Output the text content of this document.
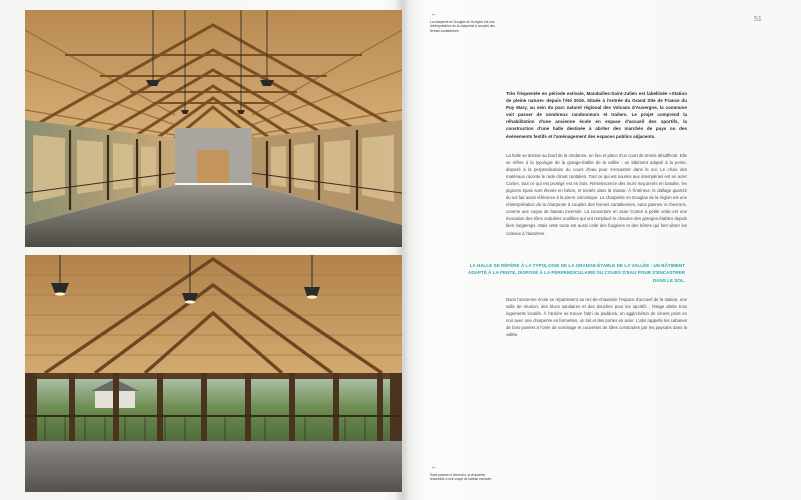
←
La charpente en Douglas de la région est une réinterprétation de la charpente à couples des fermes cantaliennes.
←
Sans pannes ni chevrons, la charpente ressemble à une coque de bateau inversée.
51

Très fréquentée en période estivale, Mandailles-Saint-Julien est labellisée «Station de pleine nature» depuis l'été 2019. Située à l'entrée du Grand Site de France du Puy Mary, au sein du parc naturel régional des Volcans d'Auvergne, la commune voit passer de nombreux randonneurs et trailers. Le projet comprend la réhabilitation d'une ancienne école en espace d'accueil des sportifs, la construction d'une halle destinée à abriter des marchés de pays ou des événements festifs et l'aménagement des espaces publics adjacents.

La halle se dresse au bord de la Jordanne, en lieu et place d'un court de tennis désaffecté. Elle se réfère à la typologie de la grange-étable de la vallée : un bâtiment adapté à la pente, disposé à la perpendiculaire du cours d'eau pour s'encastrer dans le sol. Le choix des matériaux raconte le rude climat cantalien. Tout ce qui est soumis aux intempéries est en acier Corten, tout ce qui est protégé est en bois. Réminiscence des murs maçonnés en basalte, les pignons épais sont élevés en béton, et teintés dans la masse. À l'intérieur, le dallage quartzé du sol fait aussi référence à la pierre volcanique. La charpente en Douglas de la région est une réinterprétation de la charpente à couples des fermes cantaliennes, sans pannes ni chevrons, comme une coque de bateau inversée. La couverture en acier Corten à petite onde est une évocation des tôles ondulées rouillées qui ont remplacé le chaume des granges-étables depuis bien longtemps. Mais cette tonte est aussi celle des fougères et des hêtres qui font vibrer les coteaux à l'automne.

LA HALLE SE RÉFÈRE À LA TYPOLOGIE DE LA GRANGE-ÉTABLE DE LA VALLÉE : UN BÂTIMENT ADAPTÉ À LA PENTE, DISPOSÉ À LA PERPENDICULAIRE DU COURS D'EAU POUR S'ENCASTRER DANS LE SOL.

Dans l'ancienne école se répartissent au rez-de-chaussée l'espace d'accueil de la station, une salle de réunion, des blocs sanitaires et des douches pour les sportifs ; l'étage abrite trois logements locatifs. À l'arrière se trouve l'abri du paddock, en agglo-béton de ciment peint en noir avec une charpente en fermettes, un toit et des portes en acier. L'abri rappelle les cabanes de bois posées à l'orée de voisinage et couvertes de tôles construites par les paysans dans la vallée.
